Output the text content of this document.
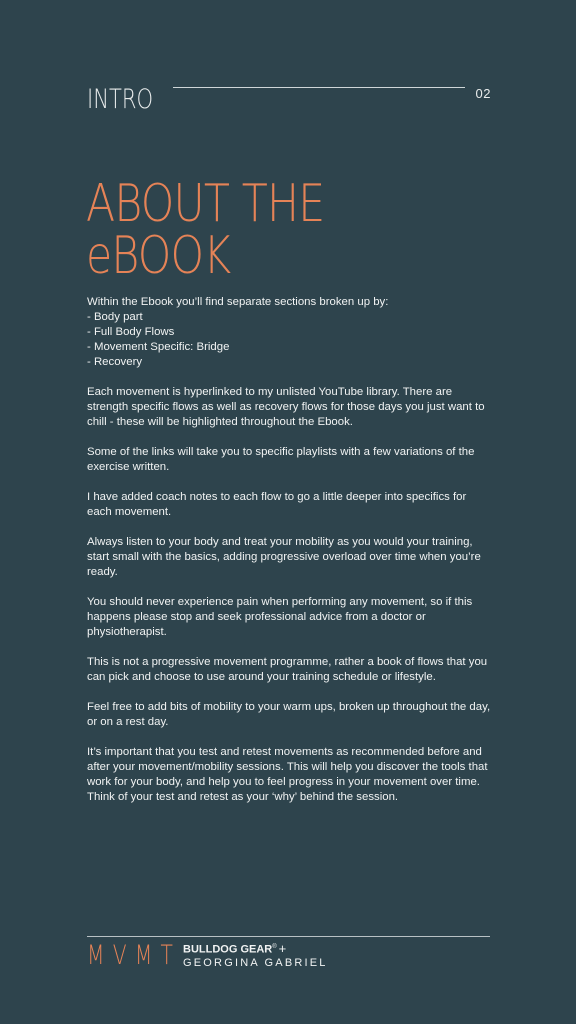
INTRO	02
ABOUT THE
eBOOK

Within the Ebook you’ll find separate sections broken up by:

- Body part
- Full Body Flows
- Movement Specific: Bridge
- Recovery

Each movement is hyperlinked to my unlisted YouTube library. There are strength specific flows as well as recovery flows for those days you just want to chill - these will be highlighted throughout the Ebook.

Some of the links will take you to specific playlists with a few variations of the exercise written.

I have added coach notes to each flow to go a little deeper into specifics for each movement.

Always listen to your body and treat your mobility as you would your training, start small with the basics, adding progressive overload over time when you’re ready.

You should never experience pain when performing any movement, so if this happens please stop and seek professional advice from a doctor or physiotherapist.

This is not a progressive movement programme, rather a book of flows that you can pick and choose to use around your training schedule or lifestyle.

Feel free to add bits of mobility to your warm ups, broken up throughout the day, or on a rest day.

It’s important that you test and retest movements as recommended before and after your movement/mobility sessions. This will help you discover the tools that work for your body, and help you to feel progress in your movement over time. Think of your test and retest as your ‘why’ behind the session.

MVMT BULLDOG GEAR® +
GEORGINA GABRIEL
